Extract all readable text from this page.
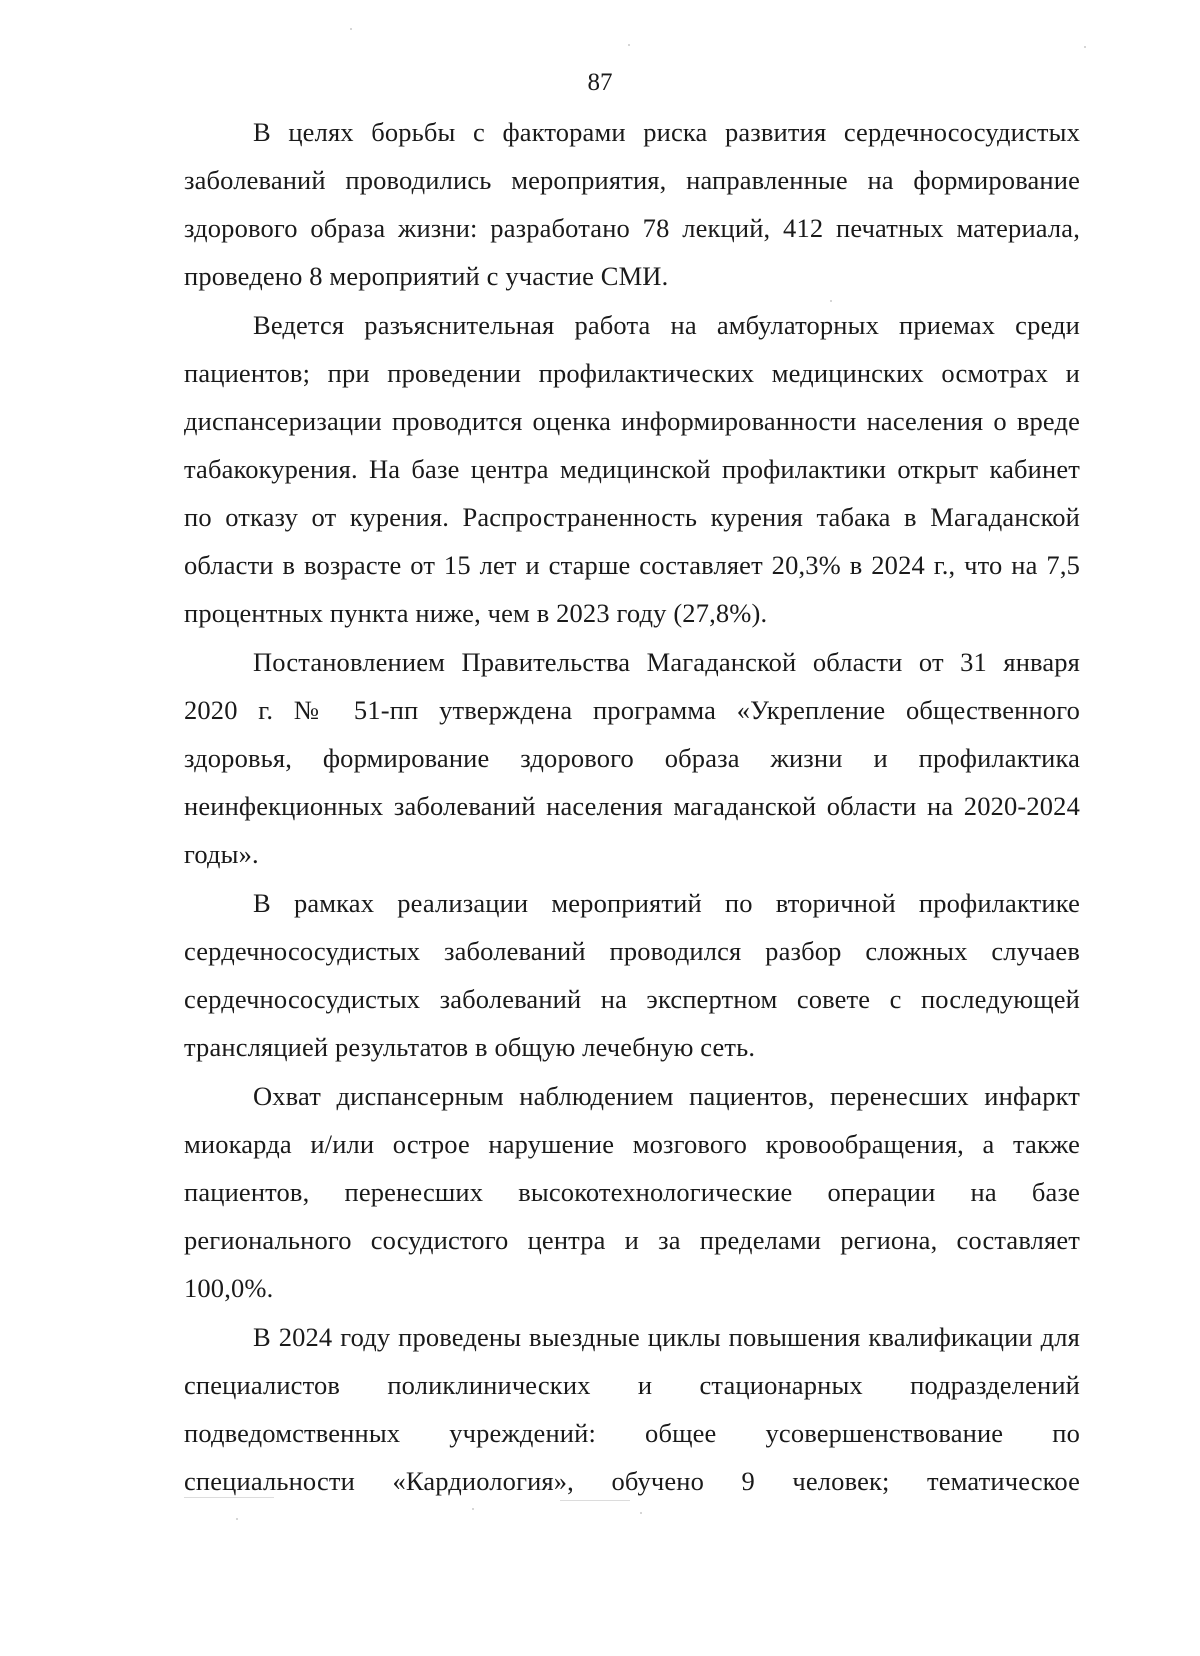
87

В целях борьбы с факторами риска развития сердечнососудистых заболеваний проводились мероприятия, направленные на формирование здорового образа жизни: разработано 78 лекций, 412 печатных материала, проведено 8 мероприятий с участие СМИ.

Ведется разъяснительная работа на амбулаторных приемах среди пациентов; при проведении профилактических медицинских осмотрах и диспансеризации проводится оценка информированности населения о вреде табакокурения. На базе центра медицинской профилактики открыт кабинет по отказу от курения. Распространенность курения табака в Магаданской области в возрасте от 15 лет и старше составляет 20,3% в 2024 г., что на 7,5 процентных пункта ниже, чем в 2023 году (27,8%).

Постановлением Правительства Магаданской области от 31 января 2020 г. № 51-пп утверждена программа «Укрепление общественного здоровья, формирование здорового образа жизни и профилактика неинфекционных заболеваний населения магаданской области на 2020-2024 годы».

В рамках реализации мероприятий по вторичной профилактике сердечнососудистых заболеваний проводился разбор сложных случаев сердечнососудистых заболеваний на экспертном совете с последующей трансляцией результатов в общую лечебную сеть.

Охват диспансерным наблюдением пациентов, перенесших инфаркт миокарда и/или острое нарушение мозгового кровообращения, а также пациентов, перенесших высокотехнологические операции на базе регионального сосудистого центра и за пределами региона, составляет 100,0%.

В 2024 году проведены выездные циклы повышения квалификации для специалистов поликлинических и стационарных подразделений подведомственных учреждений: общее усовершенствование по специальности «Кардиология», обучено 9 человек; тематическое
